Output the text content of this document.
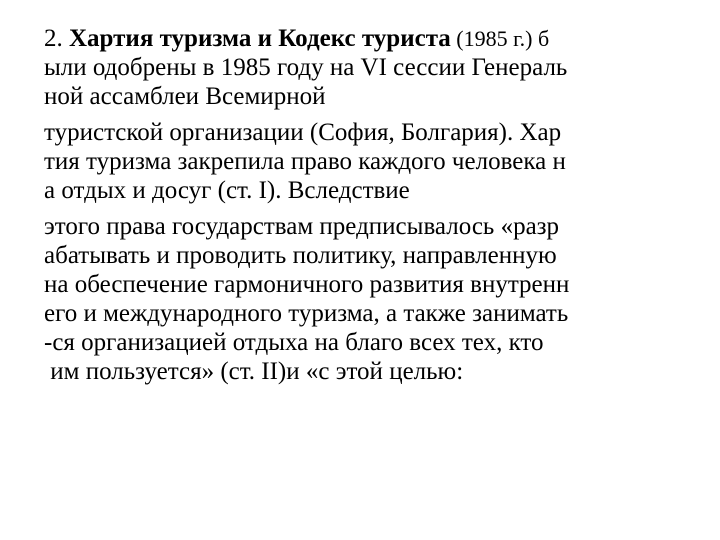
2. Хартия туризма и Кодекс туриста (1985 г.) б
ыли одобрены в 1985 году на VI сессии Генераль
ной ассамблеи Всемирной
туристской организации (София, Болгария). Хар
тия туризма закрепила право каждого человека н
а отдых и досуг (ст. I). Вследствие
этого права государствам предписывалось «разр
абатывать и проводить политику, направленную
на обеспечение гармоничного развития внутренн
его и международного туризма, а также занимать
-ся организацией отдыха на благо всех тех, кто
им пользуется» (ст. II)и «с этой целью:
